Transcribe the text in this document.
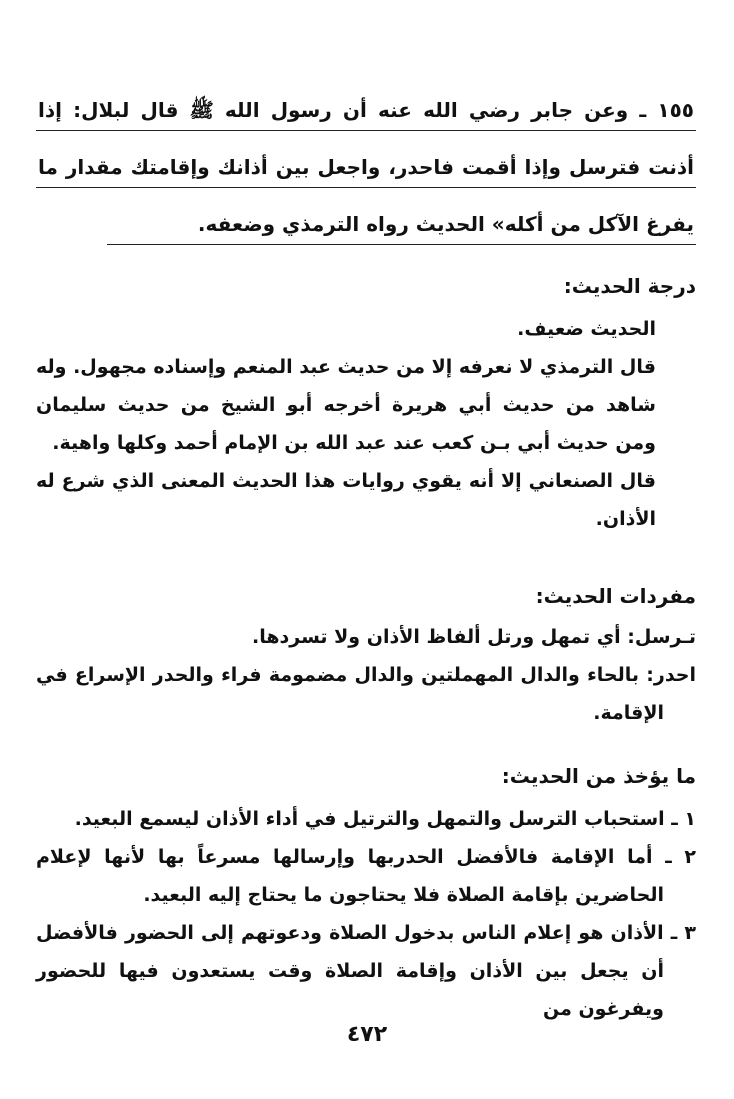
١٥٥ ـ وعن جابر رضي الله عنه أن رسول الله ﷺ قال لبلال: إذا
أذنت فترسل وإذا أقمت فاحدر، واجعل بين أذانك وإقامتك مقدار ما
يفرغ الآكل من أكله» الحديث رواه الترمذي وضعفه.

درجة الحديث:

الحديث ضعيف.

قال الترمذي لا نعرفه إلا من حديث عبد المنعم وإسناده مجهول. وله شاهد من حديث أبي هريرة أخرجه أبو الشيخ من حديث سليمان ومن حديث أبي بـن كعب عند عبد الله بن الإمام أحمد وكلها واهية.

قال الصنعاني إلا أنه يقوي روايات هذا الحديث المعنى الذي شرع له الأذان.

مفردات الحديث:

تـرسل: أي تمهل ورتل ألفاظ الأذان ولا تسردها.

احدر: بالحاء والدال المهملتين والدال مضمومة فراء والحدر الإسراع في الإقامة.

ما يؤخذ من الحديث:

١ ـ استحباب الترسل والتمهل والترتيل في أداء الأذان ليسمع البعيد.

٢ ـ أما الإقامة فالأفضل الحدربها وإرسالها مسرعاً بها لأنها لإعلام الحاضرين بإقامة الصلاة فلا يحتاجون ما يحتاج إليه البعيد.

٣ ـ الأذان هو إعلام الناس بدخول الصلاة ودعوتهم إلى الحضور فالأفضل أن يجعل بين الأذان وإقامة الصلاة وقت يستعدون فيها للحضور ويفرغون من

٤٧٢
